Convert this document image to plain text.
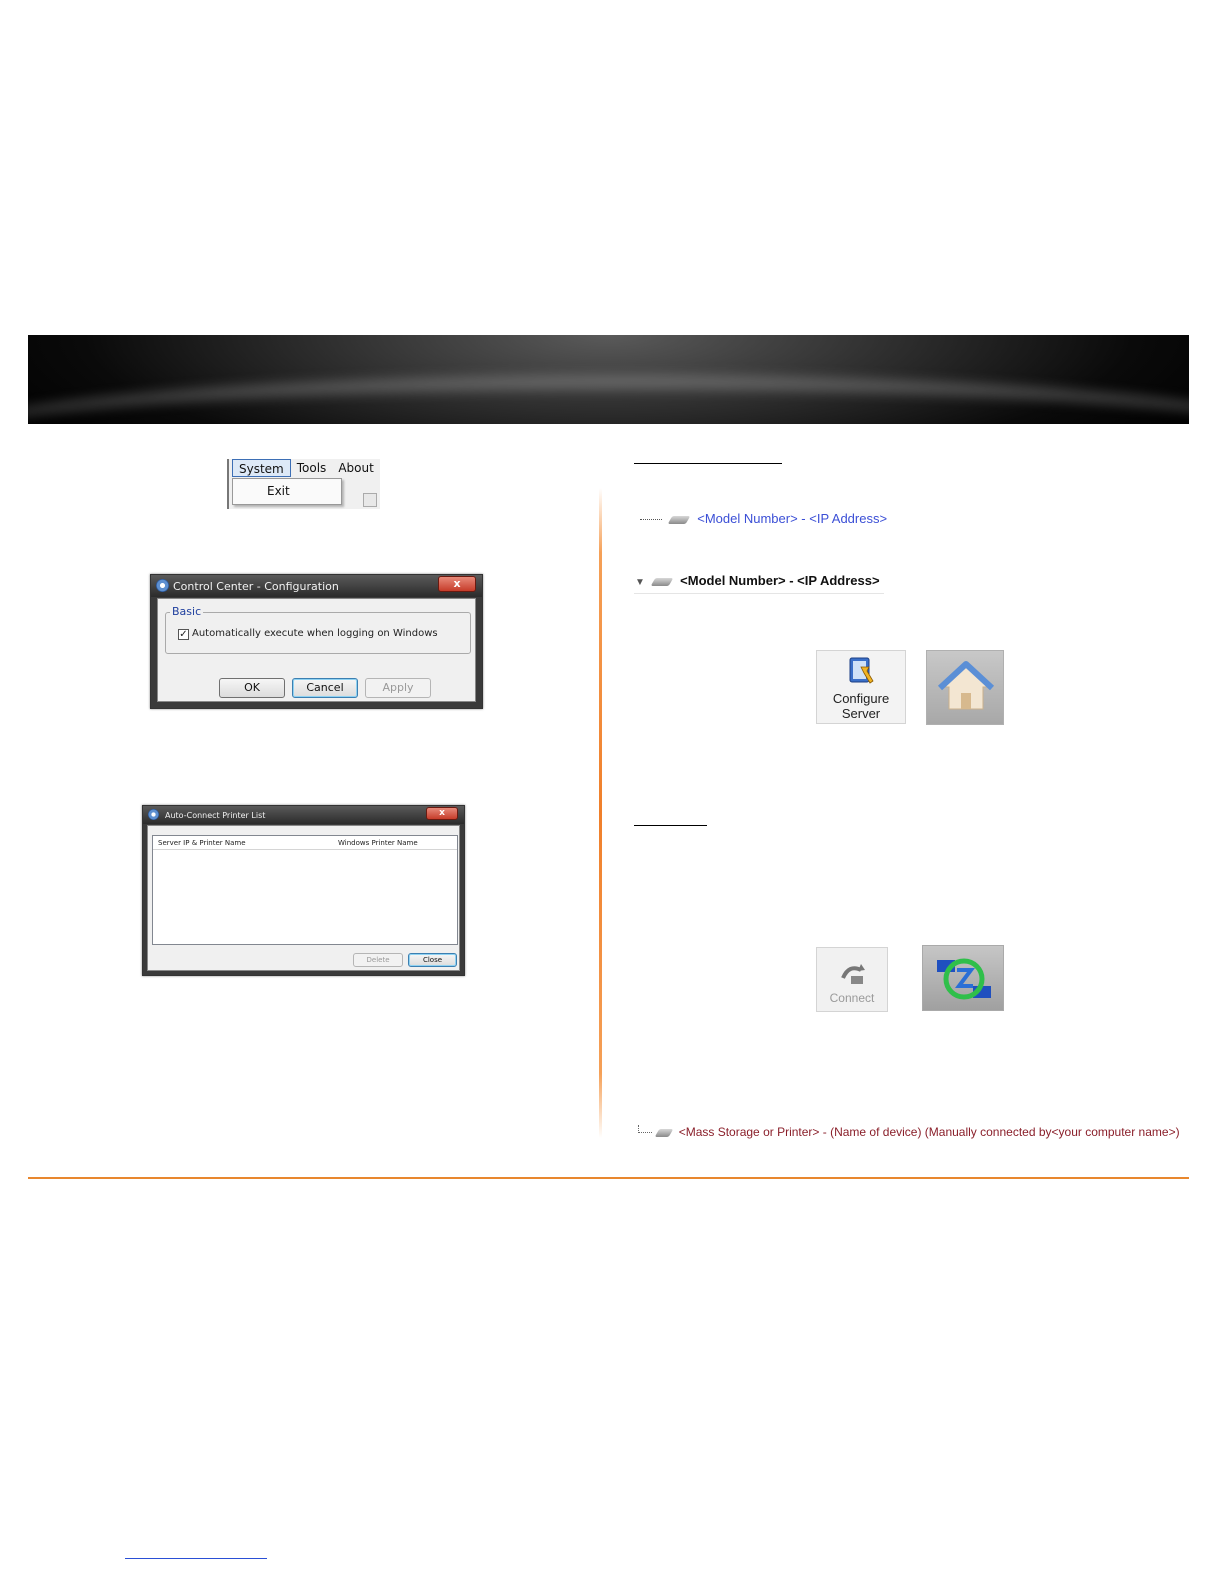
System	Tools	About
Exit
Control Center - Configuration	x
Basic
✓ Automatically execute when logging on Windows
OK	Cancel	Apply
Auto-Connect Printer List	x
Server IP & Printer Name	Windows Printer Name
Delete	Close
<Model Number> - <IP Address>
▼	<Model Number> - <IP Address>
Configure Server
Connect
<Mass Storage or Printer> - (Name of device) (Manually connected by<your computer name>)
